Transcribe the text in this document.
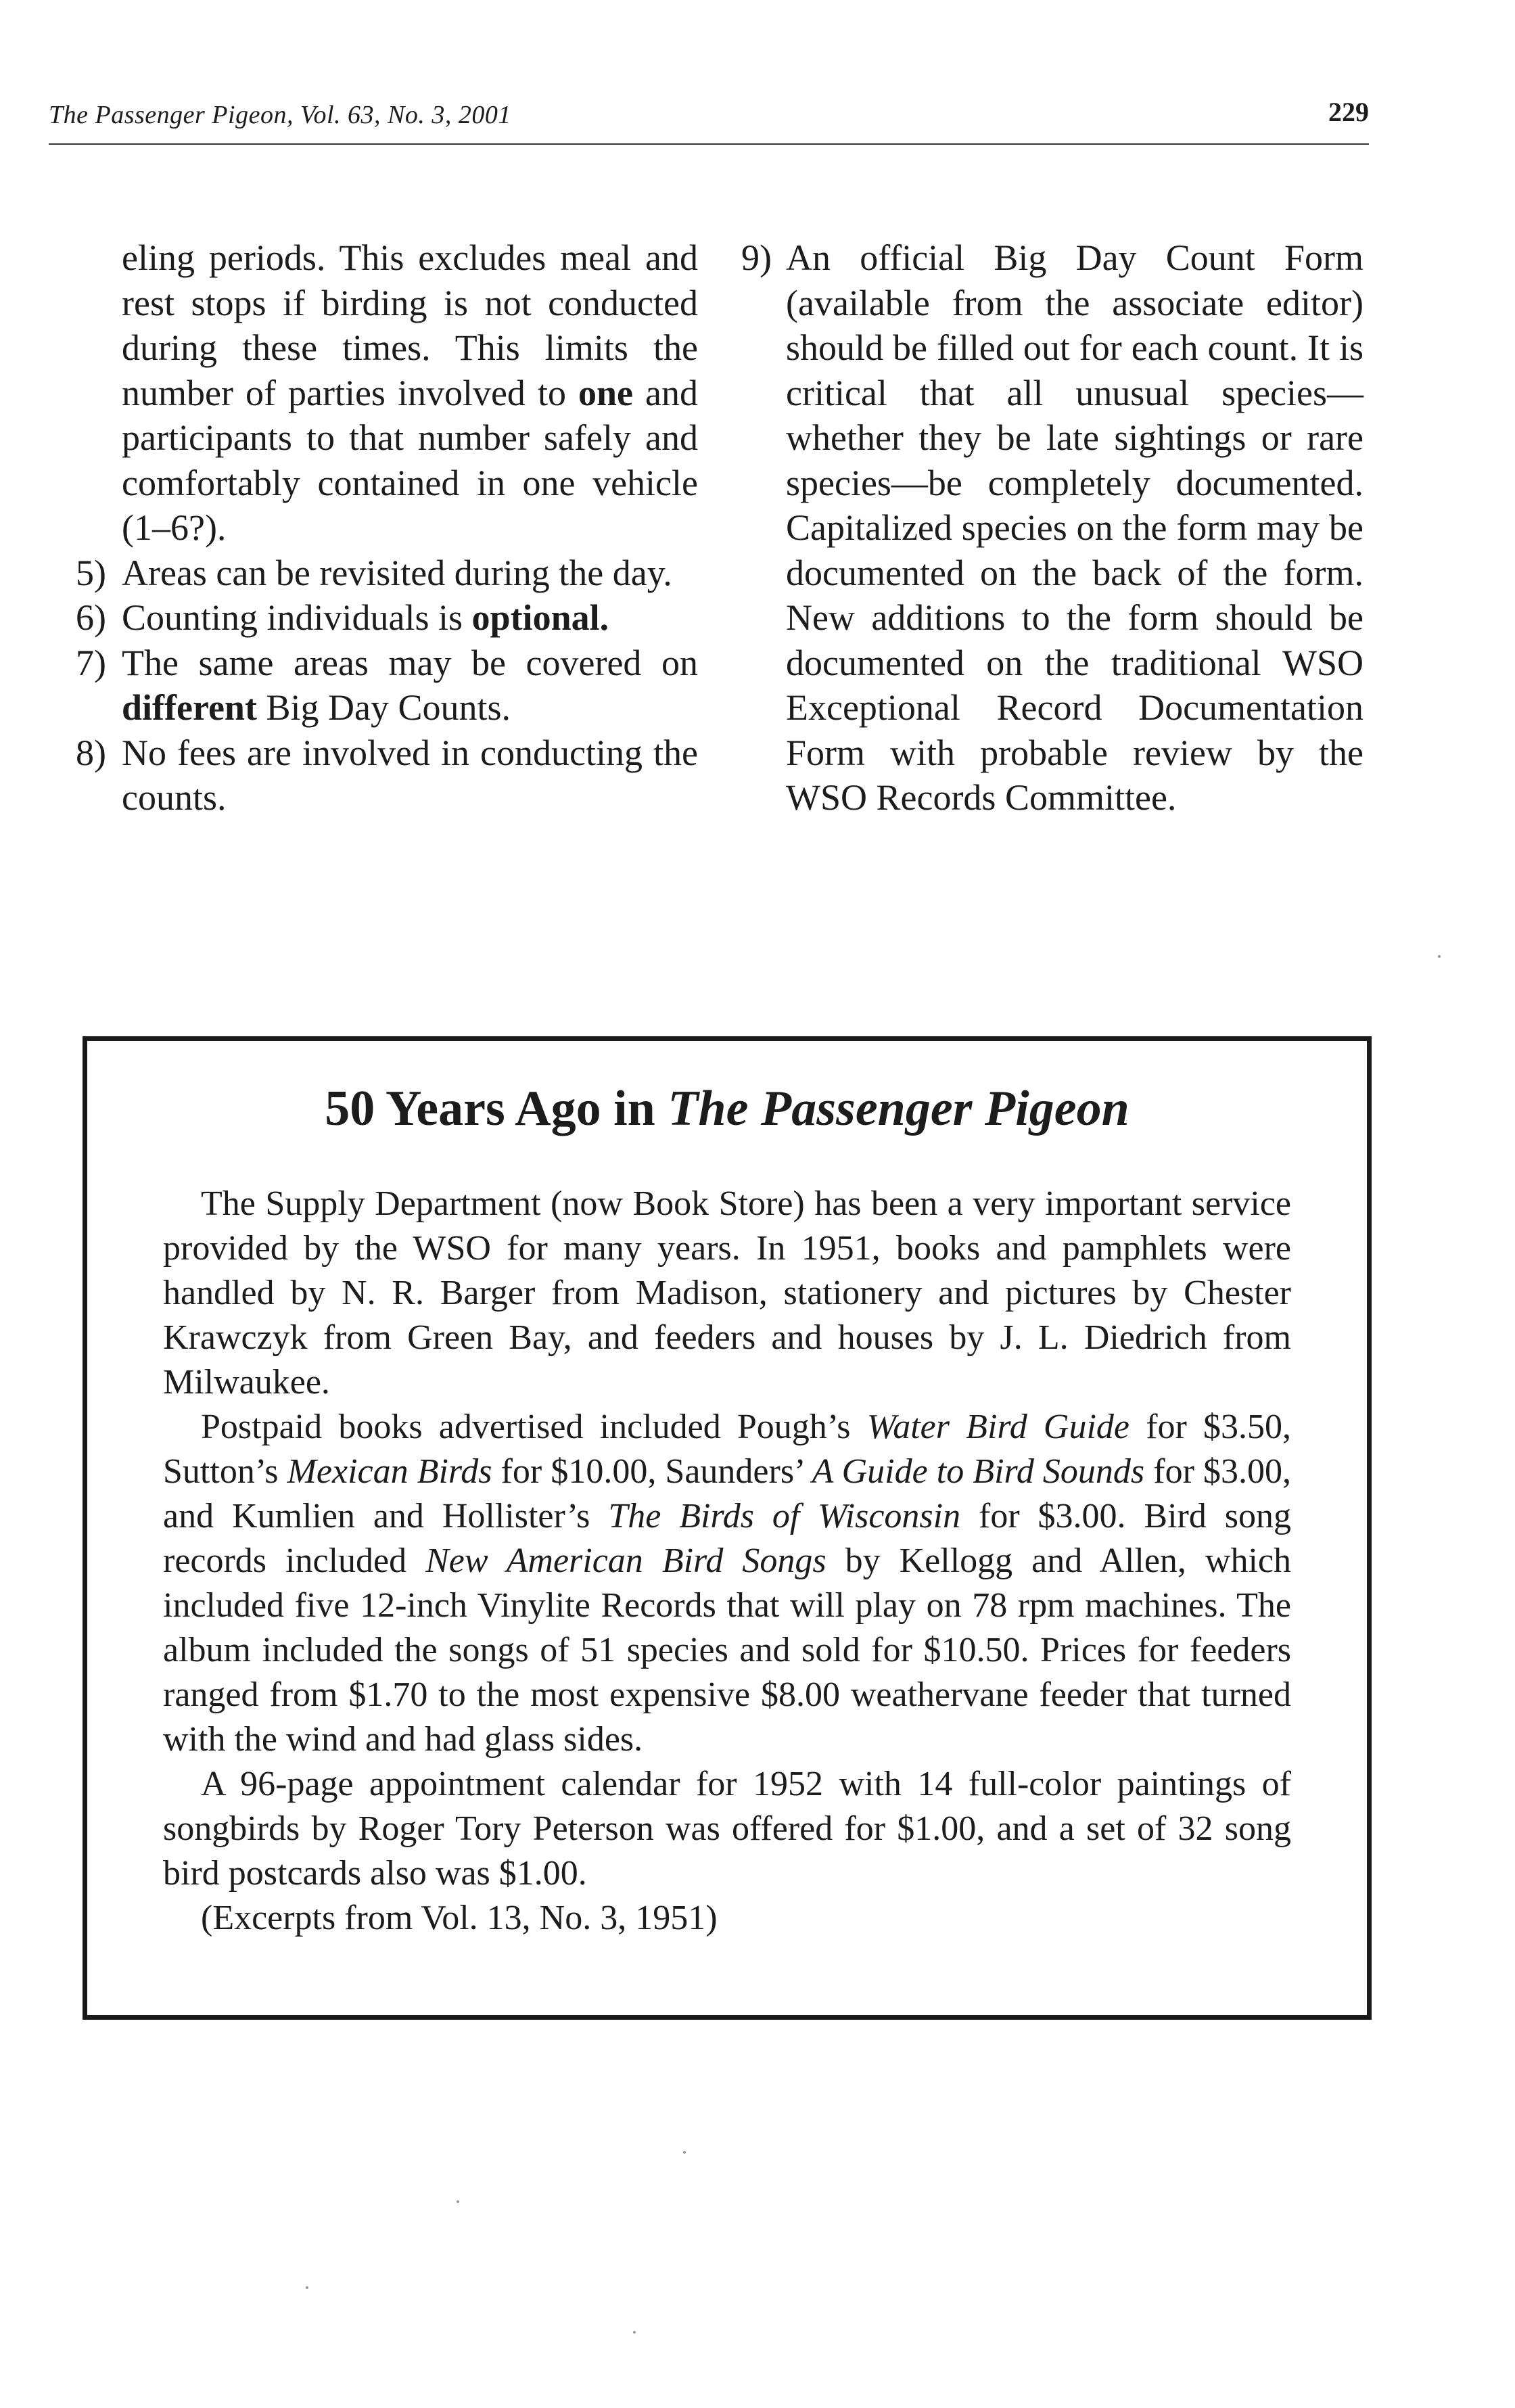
The Passenger Pigeon, Vol. 63, No. 3, 2001	229
eling periods. This excludes meal and rest stops if birding is not conducted during these times. This limits the number of parties involved to one and participants to that number safely and comfortably contained in one vehicle (1–6?).
5) Areas can be revisited during the day.
6) Counting individuals is optional.
7) The same areas may be covered on different Big Day Counts.
8) No fees are involved in conducting the counts.
9) An official Big Day Count Form (available from the associate editor) should be filled out for each count. It is critical that all unusual species—whether they be late sightings or rare species—be completely documented. Capitalized species on the form may be documented on the back of the form. New additions to the form should be documented on the traditional WSO Exceptional Record Documentation Form with probable review by the WSO Records Committee.
50 Years Ago in The Passenger Pigeon

The Supply Department (now Book Store) has been a very important service provided by the WSO for many years. In 1951, books and pamphlets were handled by N. R. Barger from Madison, stationery and pictures by Chester Krawczyk from Green Bay, and feeders and houses by J. L. Diedrich from Milwaukee.

Postpaid books advertised included Pough’s Water Bird Guide for $3.50, Sutton’s Mexican Birds for $10.00, Saunders’ A Guide to Bird Sounds for $3.00, and Kumlien and Hollister’s The Birds of Wisconsin for $3.00. Bird song records included New American Bird Songs by Kellogg and Allen, which included five 12-inch Vinylite Records that will play on 78 rpm machines. The album included the songs of 51 species and sold for $10.50. Prices for feeders ranged from $1.70 to the most expensive $8.00 weathervane feeder that turned with the wind and had glass sides.

A 96-page appointment calendar for 1952 with 14 full-color paintings of songbirds by Roger Tory Peterson was offered for $1.00, and a set of 32 song bird postcards also was $1.00.

(Excerpts from Vol. 13, No. 3, 1951)
